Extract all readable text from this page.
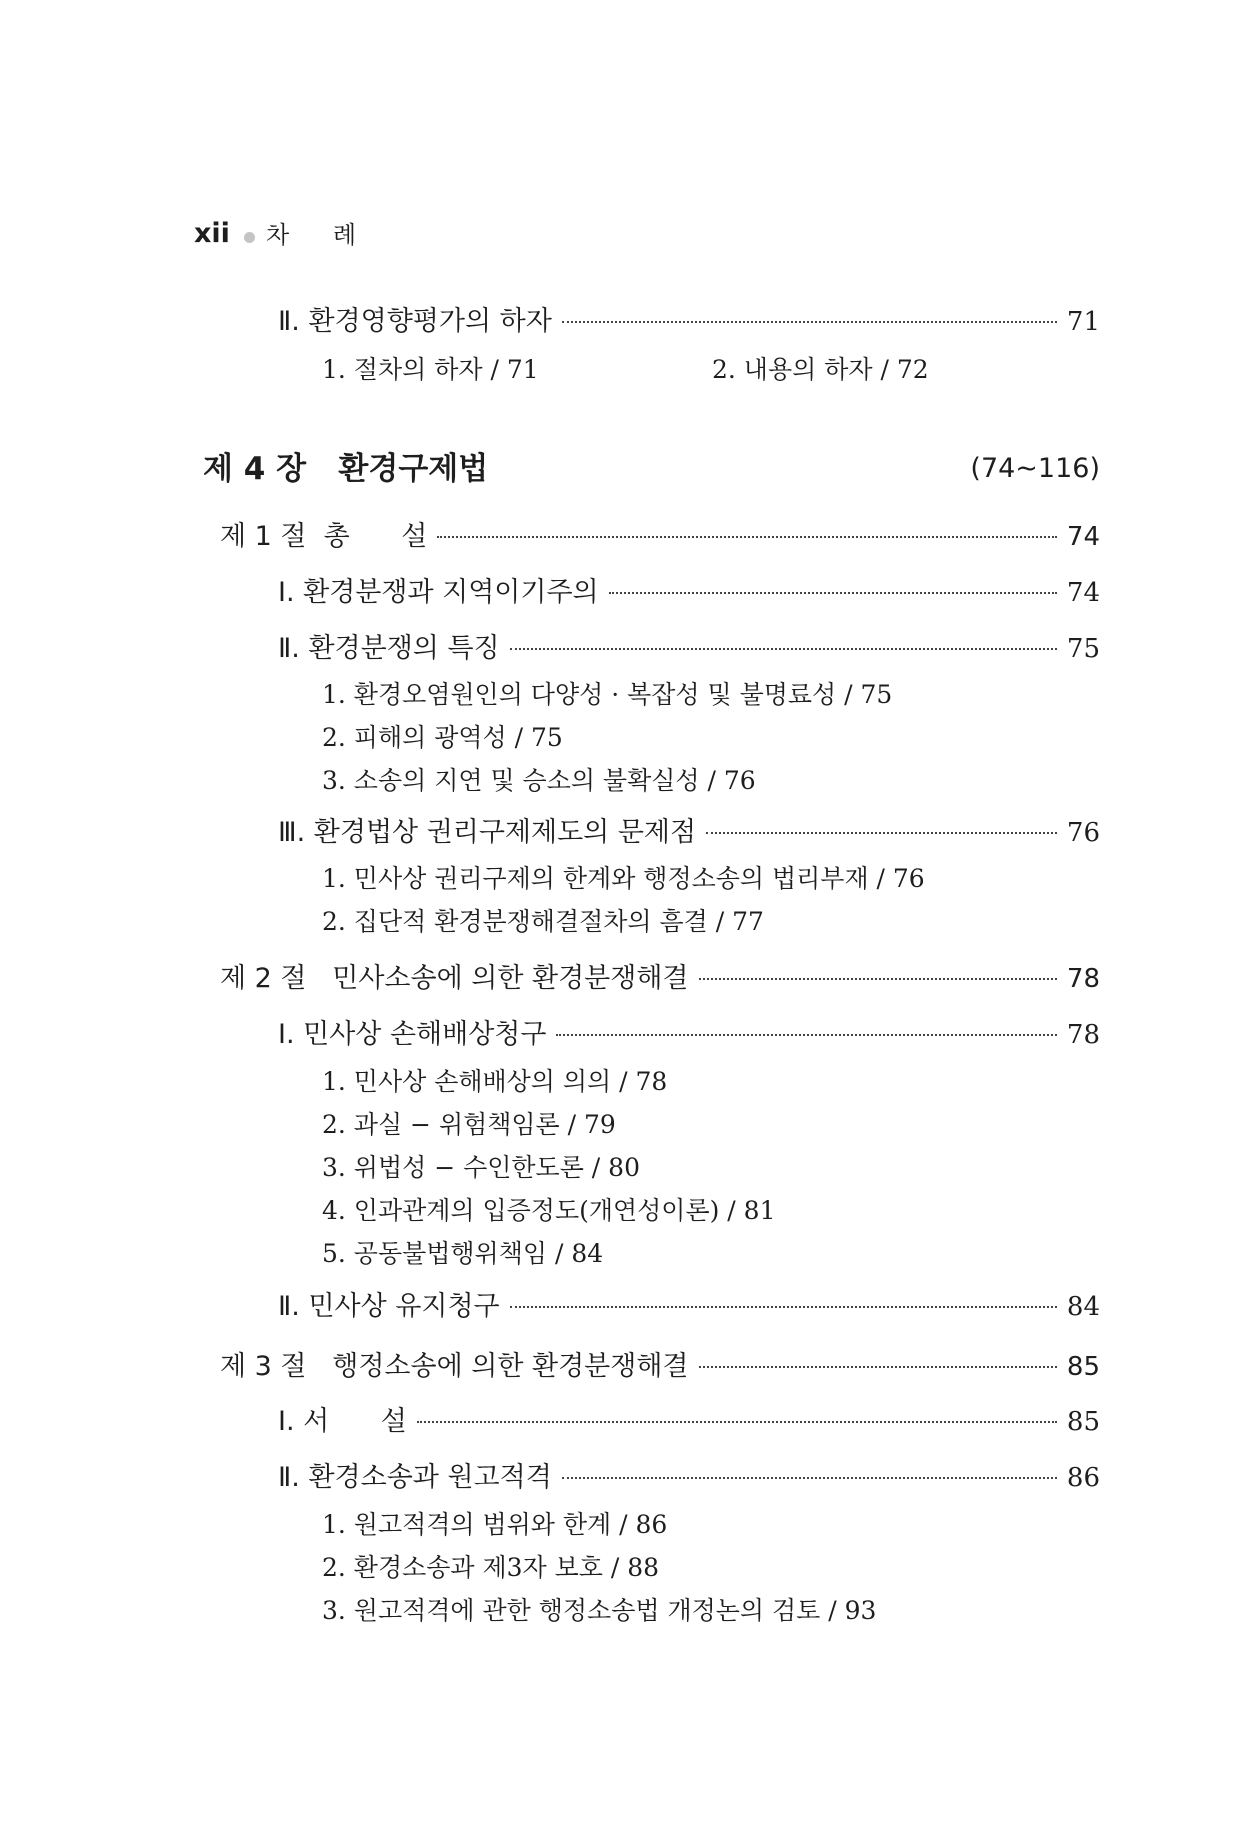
xii 차 례
Ⅱ. 환경영향평가의 하자	71
1. 절차의 하자 / 71	2. 내용의 하자 / 72
제 4 장   환경구제법	(74∼116)
제 1 절  총      설	74
Ⅰ. 환경분쟁과 지역이기주의	74
Ⅱ. 환경분쟁의 특징	75
1. 환경오염원인의 다양성 · 복잡성 및 불명료성 / 75
2. 피해의 광역성 / 75
3. 소송의 지연 및 승소의 불확실성 / 76
Ⅲ. 환경법상 권리구제제도의 문제점	76
1. 민사상 권리구제의 한계와 행정소송의 법리부재 / 76
2. 집단적 환경분쟁해결절차의 흠결 / 77
제 2 절   민사소송에 의한 환경분쟁해결	78
Ⅰ. 민사상 손해배상청구	78
1. 민사상 손해배상의 의의 / 78
2. 과실 − 위험책임론 / 79
3. 위법성 − 수인한도론 / 80
4. 인과관계의 입증정도(개연성이론) / 81
5. 공동불법행위책임 / 84
Ⅱ. 민사상 유지청구	84
제 3 절   행정소송에 의한 환경분쟁해결	85
Ⅰ. 서      설	85
Ⅱ. 환경소송과 원고적격	86
1. 원고적격의 범위와 한계 / 86
2. 환경소송과 제3자 보호 / 88
3. 원고적격에 관한 행정소송법 개정논의 검토 / 93
